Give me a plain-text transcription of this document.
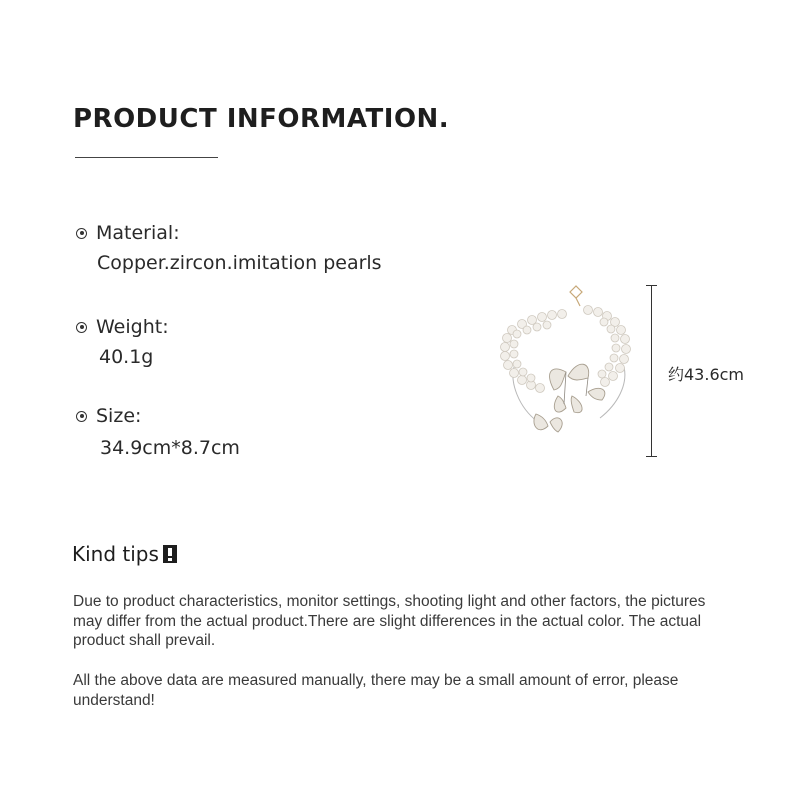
PRODUCT INFORMATION.
Material:
Copper.zircon.imitation pearls
Weight:
40.1g
Size:
34.9cm*8.7cm
约43.6cm
Kind tips

Due to product characteristics, monitor settings, shooting light and other factors, the pictures may differ from the actual product.There are slight differences in the actual color. The actual product shall prevail.

All the above data are measured manually, there may be a small amount of error, please understand!
